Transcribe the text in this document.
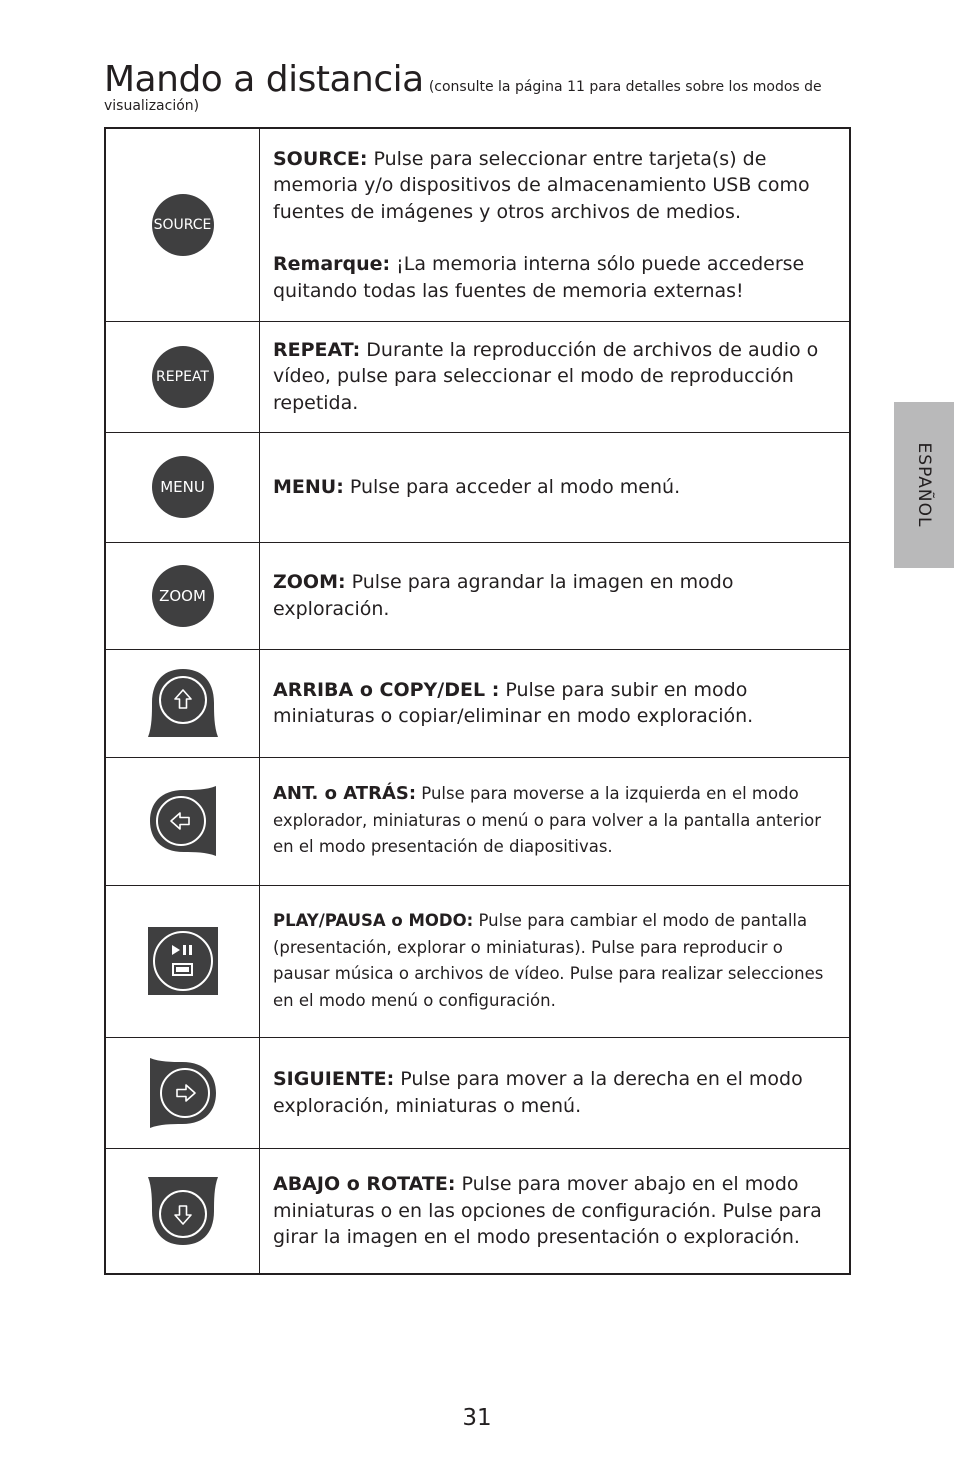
Mando a distancia (consulte la página 11 para detalles sobre los modos de
visualización)
ESPAÑOL
SOURCE	SOURCE: Pulse para seleccionar entre tarjeta(s) de memoria y/o dispositivos de almacenamiento USB como fuentes de imágenes y otros archivos de medios.
Remarque: ¡La memoria interna sólo puede accederse quitando todas las fuentes de memoria externas!

REPEAT	REPEAT: Durante la reproducción de archivos de audio o vídeo, pulse para seleccionar el modo de reproducción repetida.
MENU	MENU: Pulse para acceder al modo menú.
ZOOM	ZOOM: Pulse para agrandar la imagen en modo exploración.
	ARRIBA o COPY/DEL : Pulse para subir en modo miniaturas o copiar/eliminar en modo exploración.
	ANT. o ATRÁS: Pulse para moverse a la izquierda en el modo explorador, miniaturas o menú o para volver a la pantalla anterior en el modo presentación de diapositivas.
	PLAY/PAUSA o MODO: Pulse para cambiar el modo de pantalla (presentación, explorar o miniaturas). Pulse para reproducir o pausar música o archivos de vídeo. Pulse para realizar selecciones en el modo menú o configuración.
	SIGUIENTE: Pulse para mover a la derecha en el modo exploración, miniaturas o menú.
	ABAJO o ROTATE: Pulse para mover abajo en el modo miniaturas o en las opciones de configuración. Pulse para girar la imagen en el modo presentación o exploración.
31
